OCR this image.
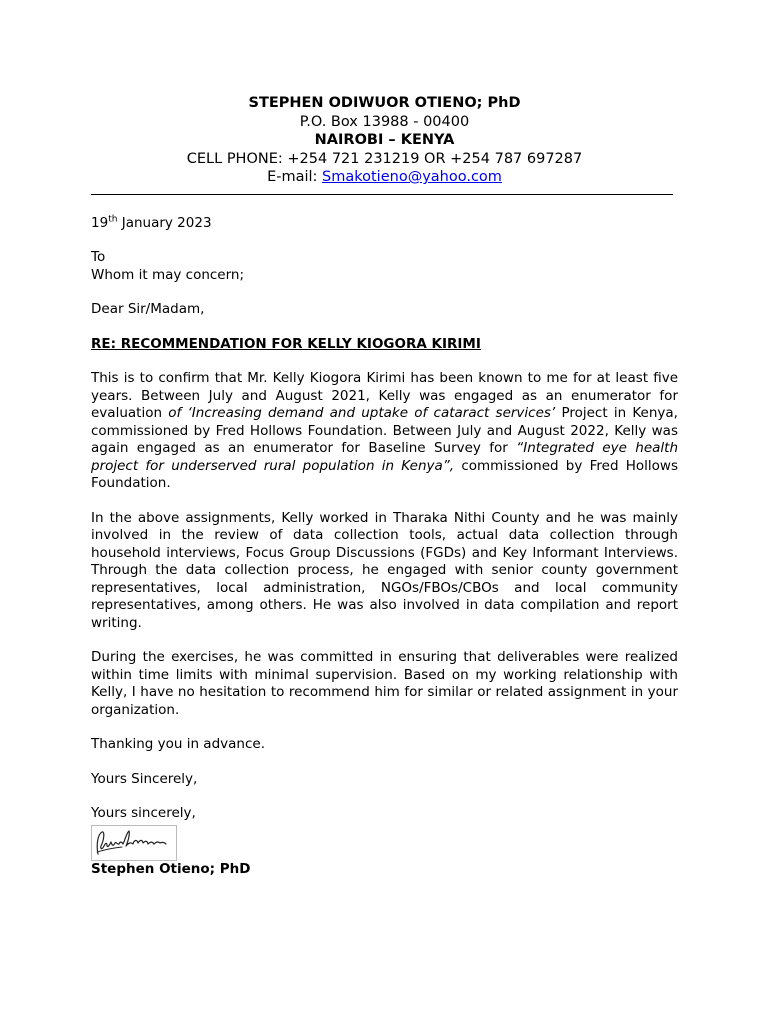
STEPHEN ODIWUOR OTIENO; PhD
P.O. Box 13988 - 00400
NAIROBI – KENYA
CELL PHONE: +254 721 231219 OR +254 787 697287
E-mail: Smakotieno@yahoo.com

19th January 2023

To

Whom it may concern;

Dear Sir/Madam,

RE: RECOMMENDATION FOR KELLY KIOGORA KIRIMI

This is to confirm that Mr. Kelly Kiogora Kirimi has been known to me for at least five years. Between July and August 2021, Kelly was engaged as an enumerator for evaluation of ‘Increasing demand and uptake of cataract services’ Project in Kenya, commissioned by Fred Hollows Foundation. Between July and August 2022, Kelly was again engaged as an enumerator for Baseline Survey for “Integrated eye health project for underserved rural population in Kenya”, commissioned by Fred Hollows Foundation.

In the above assignments, Kelly worked in Tharaka Nithi County and he was mainly involved in the review of data collection tools, actual data collection through household interviews, Focus Group Discussions (FGDs) and Key Informant Interviews. Through the data collection process, he engaged with senior county government representatives, local administration, NGOs/FBOs/CBOs and local community representatives, among others. He was also involved in data compilation and report writing.

During the exercises, he was committed in ensuring that deliverables were realized within time limits with minimal supervision. Based on my working relationship with Kelly, I have no hesitation to recommend him for similar or related assignment in your organization.

Thanking you in advance.

Yours Sincerely,

Yours sincerely,

Stephen Otieno; PhD
